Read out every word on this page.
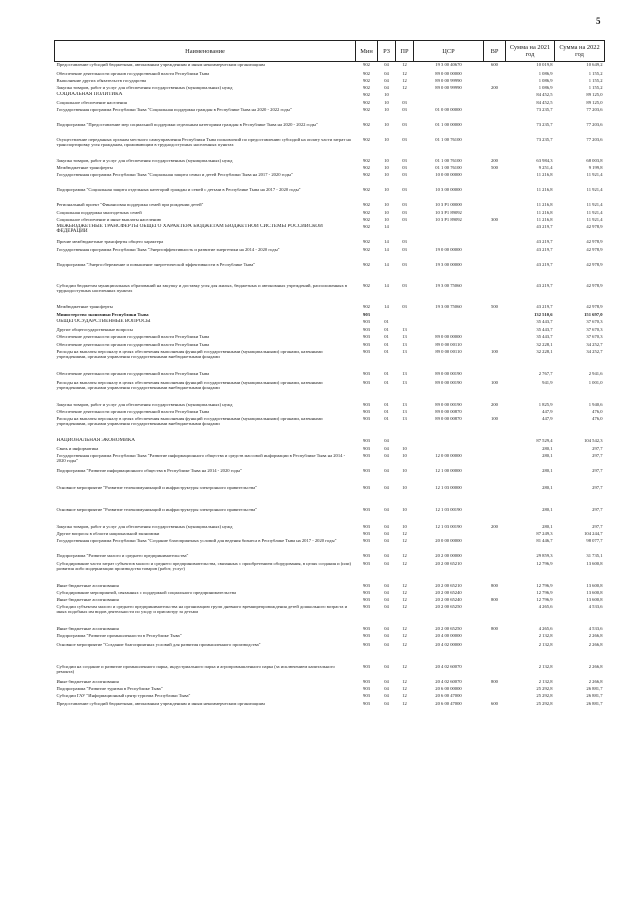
5
Наименование	Мин	РЗ	ПР	ЦСР	ВР	Сумма на 2021 год	Сумма на 2022 год
Предоставление субсидий бюджетным, автономным учреждениям и иным некоммерческим организациям	902	04	12	19 3 00 40670	600	10 019,8	10 649,2
Обеспечение деятельности органов государственной власти Республики Тыва	902	04	12	89 0 00 00000		1 086,9	1 155,2
Выполнение других обязательств государства	902	04	12	89 0 00 99990		1 086,9	1 155,2
Закупка товаров, работ и услуг для обеспечения государственных (муниципальных) нужд	902	04	12	89 0 00 99990	200	1 086,9	1 155,2
СОЦИАЛЬНАЯ ПОЛИТИКА	902	10				84 452,5	89 125,0
Социальное обеспечение населения	902	10	03			84 452,5	89 125,0
Государственная программа Республики Тыва "Социальная поддержка граждан в Республике Тыва на 2020 - 2022 годы"	902	10	03	01 0 00 00000		73 235,7	77 203,6
Подпрограмма "Предоставление мер социальной поддержки отдельным категориям граждан в Республике Тыва на 2020 - 2022 годы"	902	10	03	01 1 00 00000		73 235,7	77 203,6
Осуществление переданных органам местного самоуправления Республики Тыва полномочий по предоставлению субсидий на оплату части затрат на транспортировку угля гражданам, проживающим в труднодоступных населенных пунктах	902	10	03	01 1 00 76100		73 235,7	77 203,6
Закупка товаров, работ и услуг для обеспечения государственных (муниципальных) нужд	902	10	03	01 1 00 76100	200	63 984,3	68 003,8
Межбюджетные трансферты	902	10	03	01 1 00 76100	500	9 251,4	9 199,8
Государственная программа Республики Тыва "Социальная защита семьи и детей Республики Тыва на 2017 - 2020 годы"	902	10	03	10 0 00 00000		11 216,8	11 921,4
Подпрограмма "Социальная защита отдельных категорий граждан и семей с детьми в Республике Тыва на 2017 - 2020 годы"	902	10	03	10 3 00 00000		11 216,8	11 921,4
Региональный проект "Финансовая поддержка семей при рождении детей"	902	10	03	10 3 P1 00000		11 216,8	11 921,4
Социальная поддержка многодетных семей	902	10	03	10 3 P1 89092		11 216,8	11 921,4
Социальное обеспечение и иные выплаты населению	902	10	03	10 3 P1 89092	300	11 216,8	11 921,4
МЕЖБЮДЖЕТНЫЕ ТРАНСФЕРТЫ ОБЩЕГО ХАРАКТЕРА БЮДЖЕТАМ БЮДЖЕТНОЙ СИСТЕМЫ РОССИЙСКОЙ ФЕДЕРАЦИИ	902	14				43 219,7	42 978,9
Прочие межбюджетные трансферты общего характера	902	14	03			43 219,7	42 978,9
Государственная программа Республики Тыва "Энергоэффективность и развитие энергетики на 2014 - 2020 годы"	902	14	03	19 0 00 00000		43 219,7	42 978,9
Подпрограмма "Энергосбережение и повышение энергетической эффективности в Республике Тыва"	902	14	03	19 3 00 00000		43 219,7	42 978,9
Субсидии бюджетам муниципальных образований на закупку и доставку угля для жилых, бюджетных и автономных учреждений, расположенных в труднодоступных населенных пунктах	902	14	03	19 3 00 75060		43 219,7	42 978,9
Межбюджетные трансферты	902	14	03	19 3 00 75060	500	43 219,7	42 978,9
Министерство экономики Республики Тыва	903					132 510,6	151 697,0
ОБЩЕГОСУДАРСТВЕННЫЕ ВОПРОСЫ	903	01				35 443,7	37 670,3
Другие общегосударственные вопросы	903	01	13			35 443,7	37 670,3
Обеспечение деятельности органов государственной власти Республики Тыва	903	01	13	89 0 00 00000		35 443,7	37 670,3
Обеспечение деятельности органов государственной власти Республики Тыва	903	01	13	89 0 00 00110		32 228,1	34 252,7
Расходы на выплаты персоналу в целях обеспечения выполнения функций государственными (муниципальными) органами, казенными учреждениями, органами управления государственными внебюджетными фондами	903	01	13	89 0 00 00110	100	32 228,1	34 252,7
Обеспечение деятельности органов государственной власти Республики Тыва	903	01	13	89 0 00 00190		2 767,7	2 941,6
Расходы на выплаты персоналу в целях обеспечения выполнения функций государственными (муниципальными) органами, казенными учреждениями, органами управления государственными внебюджетными фондами	903	01	13	89 0 00 00190	100	941,9	1 001,0
Закупка товаров, работ и услуг для обеспечения государственных (муниципальных) нужд	903	01	13	89 0 00 00190	200	1 825,9	1 940,6
Обеспечение деятельности органов государственной власти Республики Тыва	903	01	13	89 0 00 00870		447,9	476,0
Расходы на выплаты персоналу в целях обеспечения выполнения функций государственными (муниципальными) органами, казенными учреждениями, органами управления государственными внебюджетными фондами	903	01	13	89 0 00 00870	100	447,9	476,0
НАЦИОНАЛЬНАЯ ЭКОНОМИКА	903	04				87 529,4	104 542,3
Связь и информатика	903	04	10			280,1	297,7
Государственная программа Республики Тыва "Развитие информационного общества и средств массовой информации в Республике Тыва на 2014 - 2020 годы"	903	04	10	12 0 00 00000		280,1	297,7
Подпрограмма "Развитие информационного общества в Республике Тыва на 2014 - 2020 годы"	903	04	10	12 1 00 00000		280,1	297,7
Основное мероприятие "Развитие телекоммуникаций и инфраструктуры электронного правительства"	903	04	10	12 1 03 00000		280,1	297,7
Основное мероприятие "Развитие телекоммуникаций и инфраструктуры электронного правительства"	903	04	10	12 1 03 00190		280,1	297,7
Закупка товаров, работ и услуг для обеспечения государственных (муниципальных) нужд	903	04	10	12 1 03 00190	200	280,1	297,7
Другие вопросы в области национальной экономики	903	04	12			87 249,3	104 244,7
Государственная программа Республики Тыва "Создание благоприятных условий для ведения бизнеса в Республике Тыва на 2017 - 2020 годы"	903	04	12	20 0 00 00000		81 446,7	98 077,7
Подпрограмма "Развитие малого и среднего предпринимательства"	903	04	12	20 2 00 00000		29 859,3	31 735,1
Субсидирование части затрат субъектов малого и среднего предпринимательства, связанных с приобретением оборудования, в целях создания и (или) развития либо модернизации производства товаров (работ, услуг)	903	04	12	20 2 00 65210		12 796,9	13 600,8
Иные бюджетные ассигнования	903	04	12	20 2 00 65210	800	12 796,9	13 600,8
Субсидирование мероприятий, связанных с поддержкой социального предпринимательства	903	04	12	20 2 00 65240		12 796,9	13 600,8
Иные бюджетные ассигнования	903	04	12	20 2 00 65240	800	12 796,9	13 600,8
Субсидии субъектам малого и среднего предпринимательства на организацию групп дневного времяпрепровождения детей дошкольного возраста и иных подобных им видов деятельности по уходу и присмотру за детьми	903	04	12	20 2 00 65250		4 265,6	4 533,6
Иные бюджетные ассигнования	903	04	12	20 2 00 65250	800	4 265,6	4 533,6
Подпрограмма "Развитие промышленности в Республике Тыва"	903	04	12	20 4 00 00000		2 132,8	2 266,8
Основное мероприятие "Создание благоприятных условий для развития промышленного производства"	903	04	12	20 4 02 00000		2 132,8	2 266,8
Субсидии на создание и развитие промышленного парка, индустриального парка и агропромышленного парка (за исключением капитального ремонта)	903	04	12	20 4 02 60070		2 132,8	2 266,8
Иные бюджетные ассигнования	903	04	12	20 4 02 60070	800	2 132,8	2 266,8
Подпрограмма "Развитие туризма в Республике Тыва"	903	04	12	20 6 00 00000		25 292,8	26 881,7
Субсидии ГАУ "Информационный центр туризма Республики Тыва"	903	04	12	20 6 00 47000		25 292,8	26 881,7
Предоставление субсидий бюджетным, автономным учреждениям и иным некоммерческим организациям	903	04	12	20 6 00 47000	600	25 292,8	26 881,7
